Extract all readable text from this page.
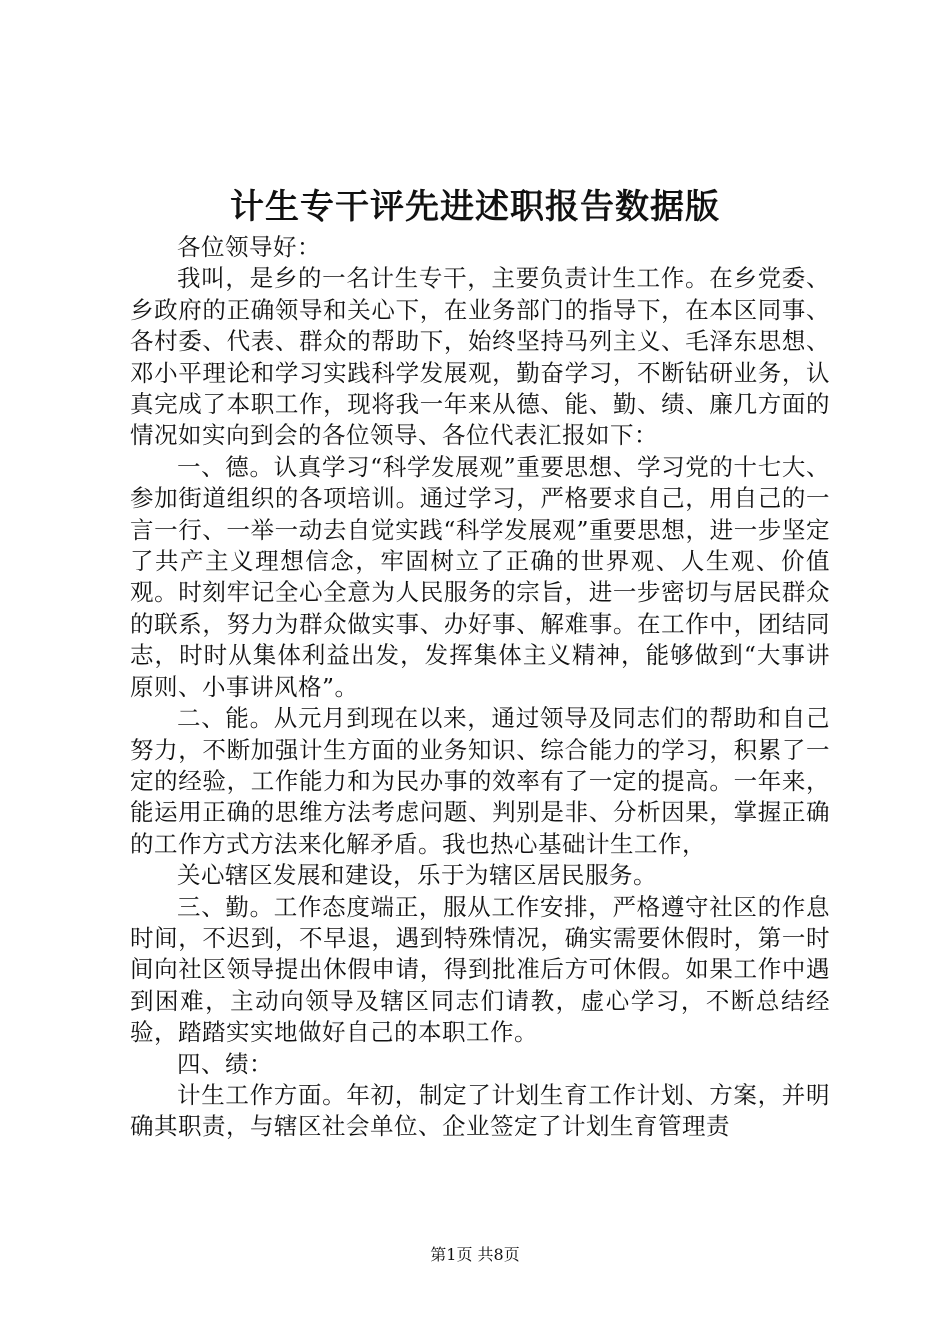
计生专干评先进述职报告数据版

各位领导好：

我叫，是乡的一名计生专干，主要负责计生工作。在乡党委、乡政府的正确领导和关心下，在业务部门的指导下，在本区同事、各村委、代表、群众的帮助下，始终坚持马列主义、毛泽东思想、邓小平理论和学习实践科学发展观，勤奋学习，不断钻研业务，认真完成了本职工作，现将我一年来从德、能、勤、绩、廉几方面的情况如实向到会的各位领导、各位代表汇报如下：

一、德。认真学习“科学发展观”重要思想、学习党的十七大、参加街道组织的各项培训。通过学习，严格要求自己，用自己的一言一行、一举一动去自觉实践“科学发展观”重要思想，进一步坚定了共产主义理想信念，牢固树立了正确的世界观、人生观、价值观。时刻牢记全心全意为人民服务的宗旨，进一步密切与居民群众的联系，努力为群众做实事、办好事、解难事。在工作中，团结同志，时时从集体利益出发，发挥集体主义精神，能够做到“大事讲原则、小事讲风格”。

二、能。从元月到现在以来，通过领导及同志们的帮助和自己努力，不断加强计生方面的业务知识、综合能力的学习，积累了一定的经验，工作能力和为民办事的效率有了一定的提高。一年来，能运用正确的思维方法考虑问题、判别是非、分析因果，掌握正确的工作方式方法来化解矛盾。我也热心基础计生工作，

关心辖区发展和建设，乐于为辖区居民服务。

三、勤。工作态度端正，服从工作安排，严格遵守社区的作息时间，不迟到，不早退，遇到特殊情况，确实需要休假时，第一时间向社区领导提出休假申请，得到批准后方可休假。如果工作中遇到困难，主动向领导及辖区同志们请教，虚心学习，不断总结经验，踏踏实实地做好自己的本职工作。

四、绩：

计生工作方面。年初，制定了计划生育工作计划、方案，并明确其职责，与辖区社会单位、企业签定了计划生育管理责

第1页 共8页
